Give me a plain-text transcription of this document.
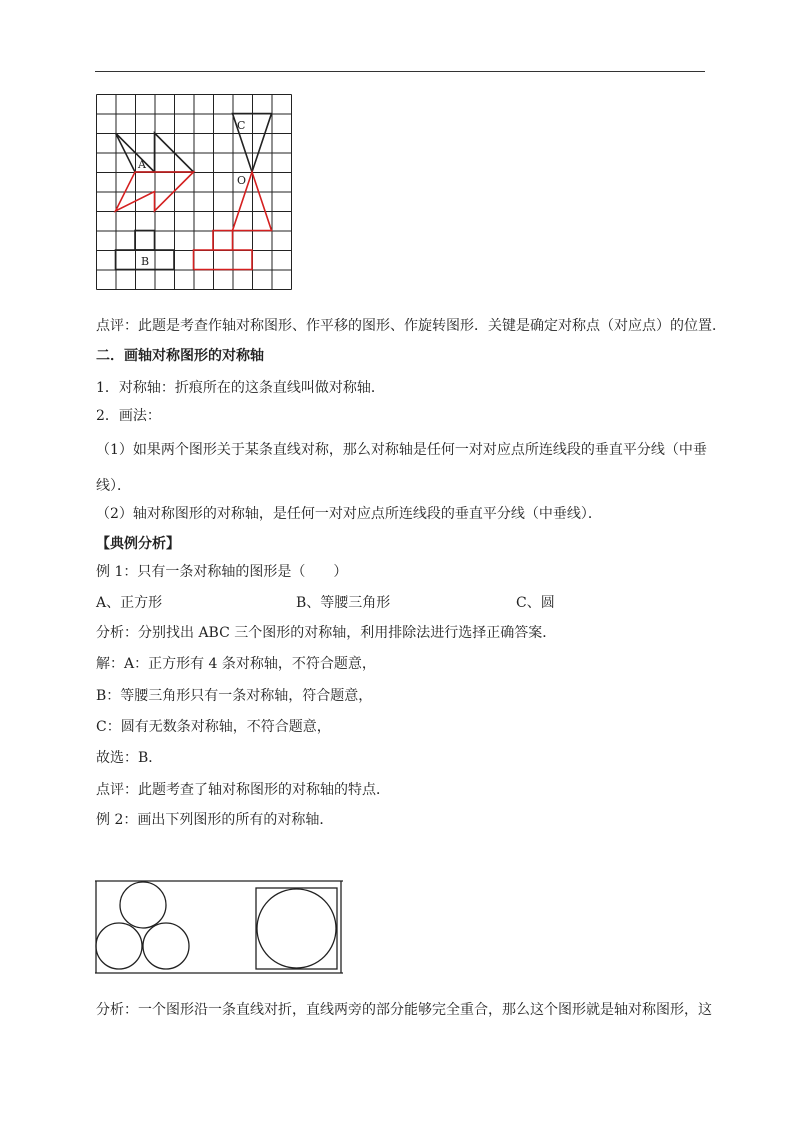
A
C
O
B
点评：此题是考查作轴对称图形、作平移的图形、作旋转图形．关键是确定对称点（对应点）的位置．
二．画轴对称图形的对称轴
1．对称轴：折痕所在的这条直线叫做对称轴．
2．画法：
（1）如果两个图形关于某条直线对称，那么对称轴是任何一对对应点所连线段的垂直平分线（中垂线）．
（2）轴对称图形的对称轴，是任何一对对应点所连线段的垂直平分线（中垂线）．
【典例分析】
例 1：只有一条对称轴的图形是（　　）
A、正方形	B、等腰三角形	C、圆
分析：分别找出 ABC 三个图形的对称轴，利用排除法进行选择正确答案．
解：A：正方形有 4 条对称轴，不符合题意，
B：等腰三角形只有一条对称轴，符合题意，
C：圆有无数条对称轴，不符合题意，
故选：B．
点评：此题考查了轴对称图形的对称轴的特点．
例 2：画出下列图形的所有的对称轴．
分析：一个图形沿一条直线对折，直线两旁的部分能够完全重合，那么这个图形就是轴对称图形，这
